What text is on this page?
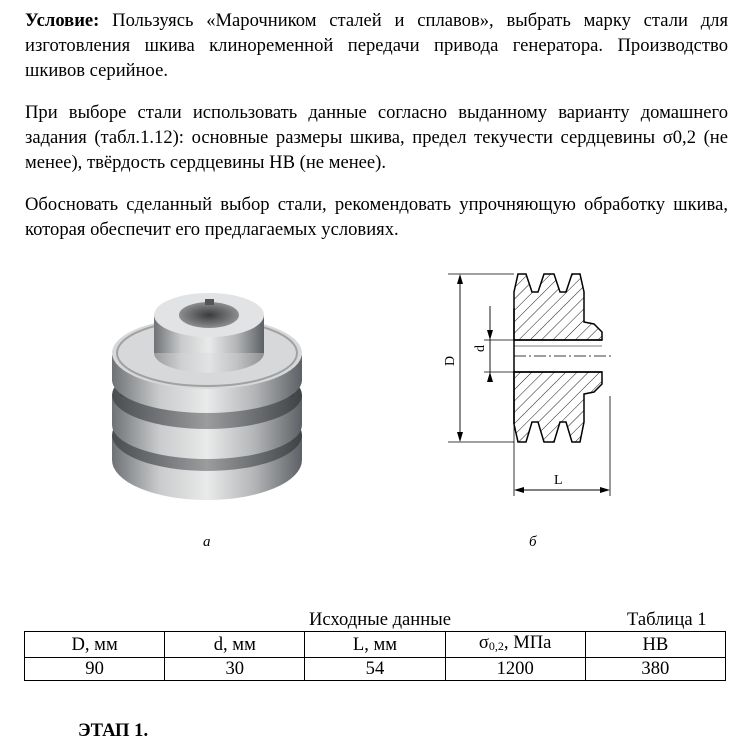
Условие: Пользуясь «Марочником сталей и сплавов», выбрать марку стали для изготовления шкива клиноременной передачи привода генератора. Производство шкивов серийное.

При выборе стали использовать данные согласно выданному варианту домашнего задания (табл.1.12): основные размеры шкива, предел текучести сердцевины σ0,2 (не менее), твёрдость сердцевины НВ (не менее).

Обосновать сделанный выбор стали, рекомендовать упрочняющую обработку шкива, которая обеспечит его предлагаемых условиях.

D
d
L
а	б
Исходные данные	Таблица 1
D, мм	d, мм	L, мм	$\sigma_{0,2}$, МПа	НВ
90	30	54	1200	380
ЭТАП 1.
